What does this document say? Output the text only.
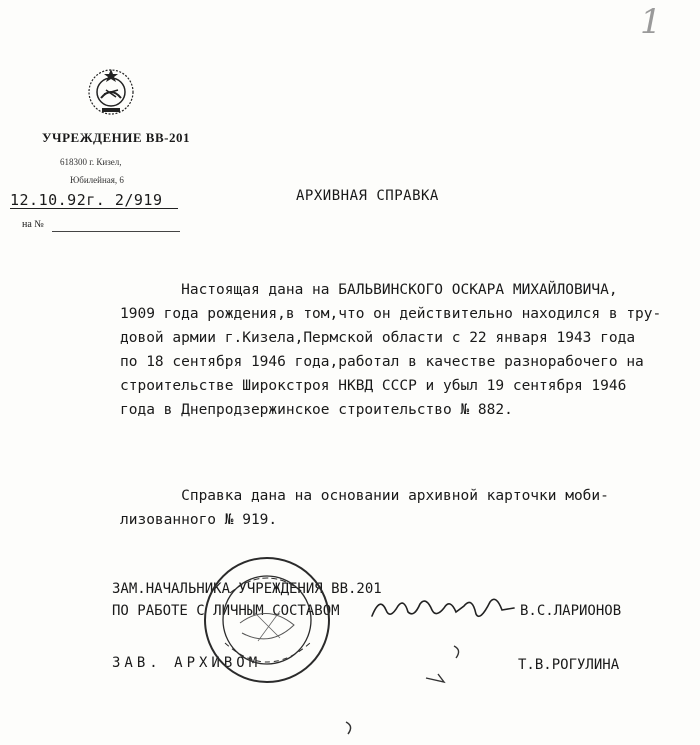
1
УЧРЕЖДЕНИЕ ВВ-201
618300 г. Кизел,
Юбилейная, 6
12.10.92г. 2/919
на №
АРХИВНАЯ СПРАВКА

Настоящая дана на БАЛЬВИНСКОГО ОСКАРА МИХАЙЛОВИЧА,

1909 года рождения,в том,что он действительно находился в тру-

довой армии г.Кизела,Пермской области с 22 января 1943 года

по 18 сентября 1946 года,работал в качестве разнорабочего на

строительстве Широкстроя НКВД СССР и убыл 19 сентября 1946

года в Днепродзержинское строительство № 882.

Справка дана на основании архивной карточки моби-

лизованного № 919.

ЗАМ.НАЧАЛЬНИКА УЧРЕЖДЕНИЯ ВВ.201
ПО РАБОТЕ С ЛИЧНЫМ СОСТАВОМ	В.С.ЛАРИОНОВ
ЗАВ. АРХИВОМ	Т.В.РОГУЛИНА
